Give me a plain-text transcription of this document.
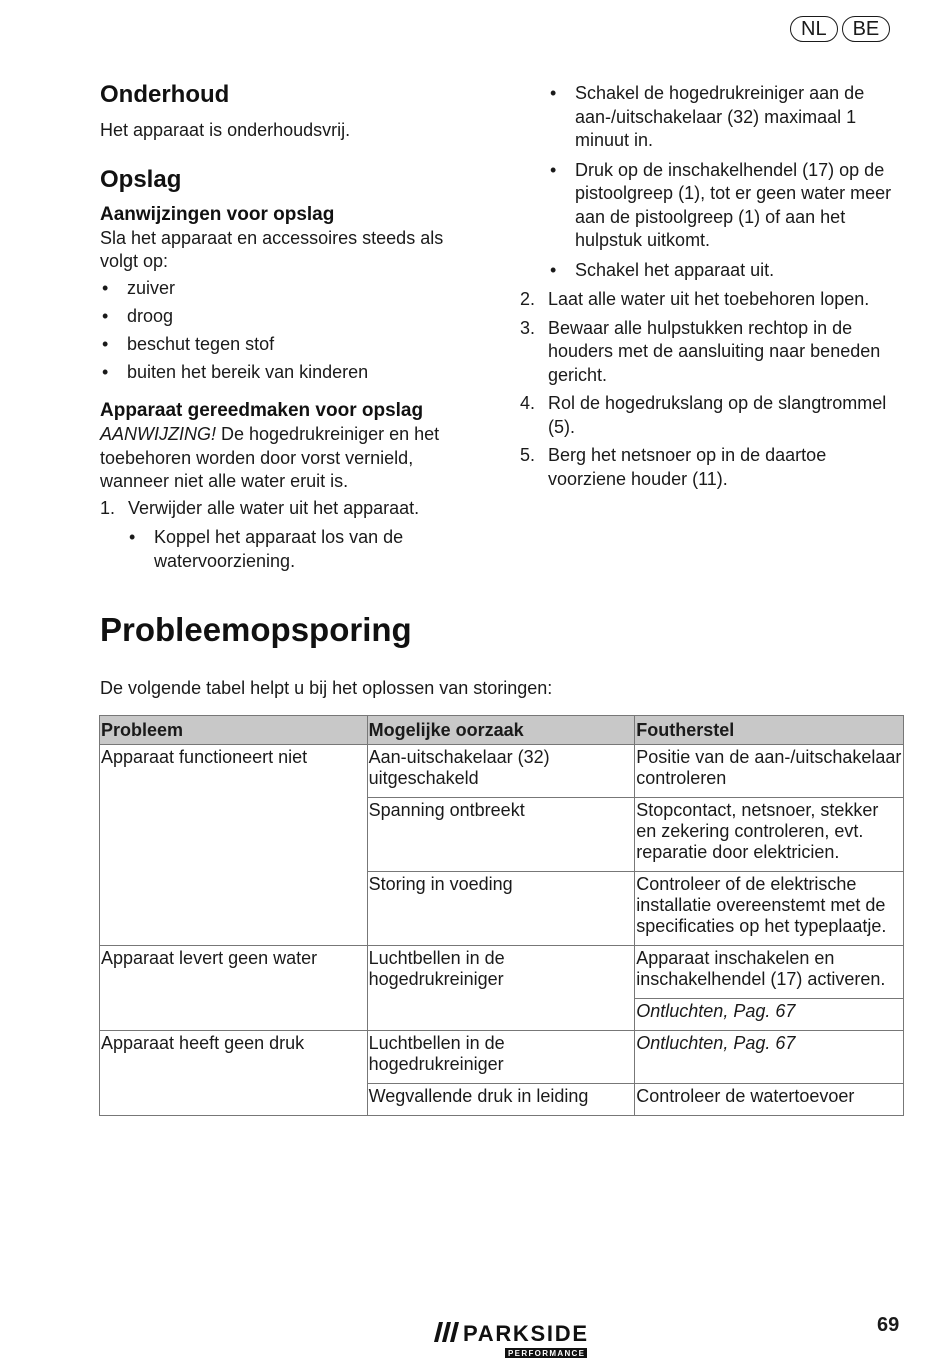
NL	BE
Onderhoud

Het apparaat is onderhoudsvrij.

Opslag
Aanwijzingen voor opslag

Sla het apparaat en accessoires steeds als volgt op:

• zuiver
• droog
• beschut tegen stof
• buiten het bereik van kinderen
Apparaat gereedmaken voor opslag

AANWIJZING! De hogedrukreiniger en het toebehoren worden door vorst vernield, wanneer niet alle water eruit is.

1. Verwijder alle water uit het apparaat.
• Koppel het apparaat los van de watervoorziening.
• Schakel de hogedrukreiniger aan de aan-/uitschakelaar (32) maximaal 1 minuut in.
• Druk op de inschakelhendel (17) op de pistoolgreep (1), tot er geen water meer aan de pistoolgreep (1) of aan het hulpstuk uitkomt.
• Schakel het apparaat uit.
2. Laat alle water uit het toebehoren lopen.
3. Bewaar alle hulpstukken rechtop in de houders met de aansluiting naar beneden gericht.
4. Rol de hogedrukslang op de slangtrommel (5).
5. Berg het netsnoer op in de daartoe voorziene houder (11).
Probleemopsporing

De volgende tabel helpt u bij het oplossen van storingen:

Probleem	Mogelijke oorzaak	Foutherstel
Apparaat functioneert niet	Aan-uitschakelaar (32) uitgeschakeld	Positie van de aan-/uitschakelaar controleren
	Spanning ontbreekt	Stopcontact, netsnoer, stekker en zekering controleren, evt. reparatie door elektricien.
	Storing in voeding	Controleer of de elektrische installatie overeenstemt met de specificaties op het typeplaatje.
Apparaat levert geen water	Luchtbellen in de hogedrukreiniger	Apparaat inschakelen en inschakelhendel (17) activeren.
		Ontluchten, Pag. 67
Apparaat heeft geen druk	Luchtbellen in de hogedrukreiniger	Ontluchten, Pag. 67
	Wegvallende druk in leiding	Controleer de watertoevoer
PARKSIDE
PERFORMANCE
69
